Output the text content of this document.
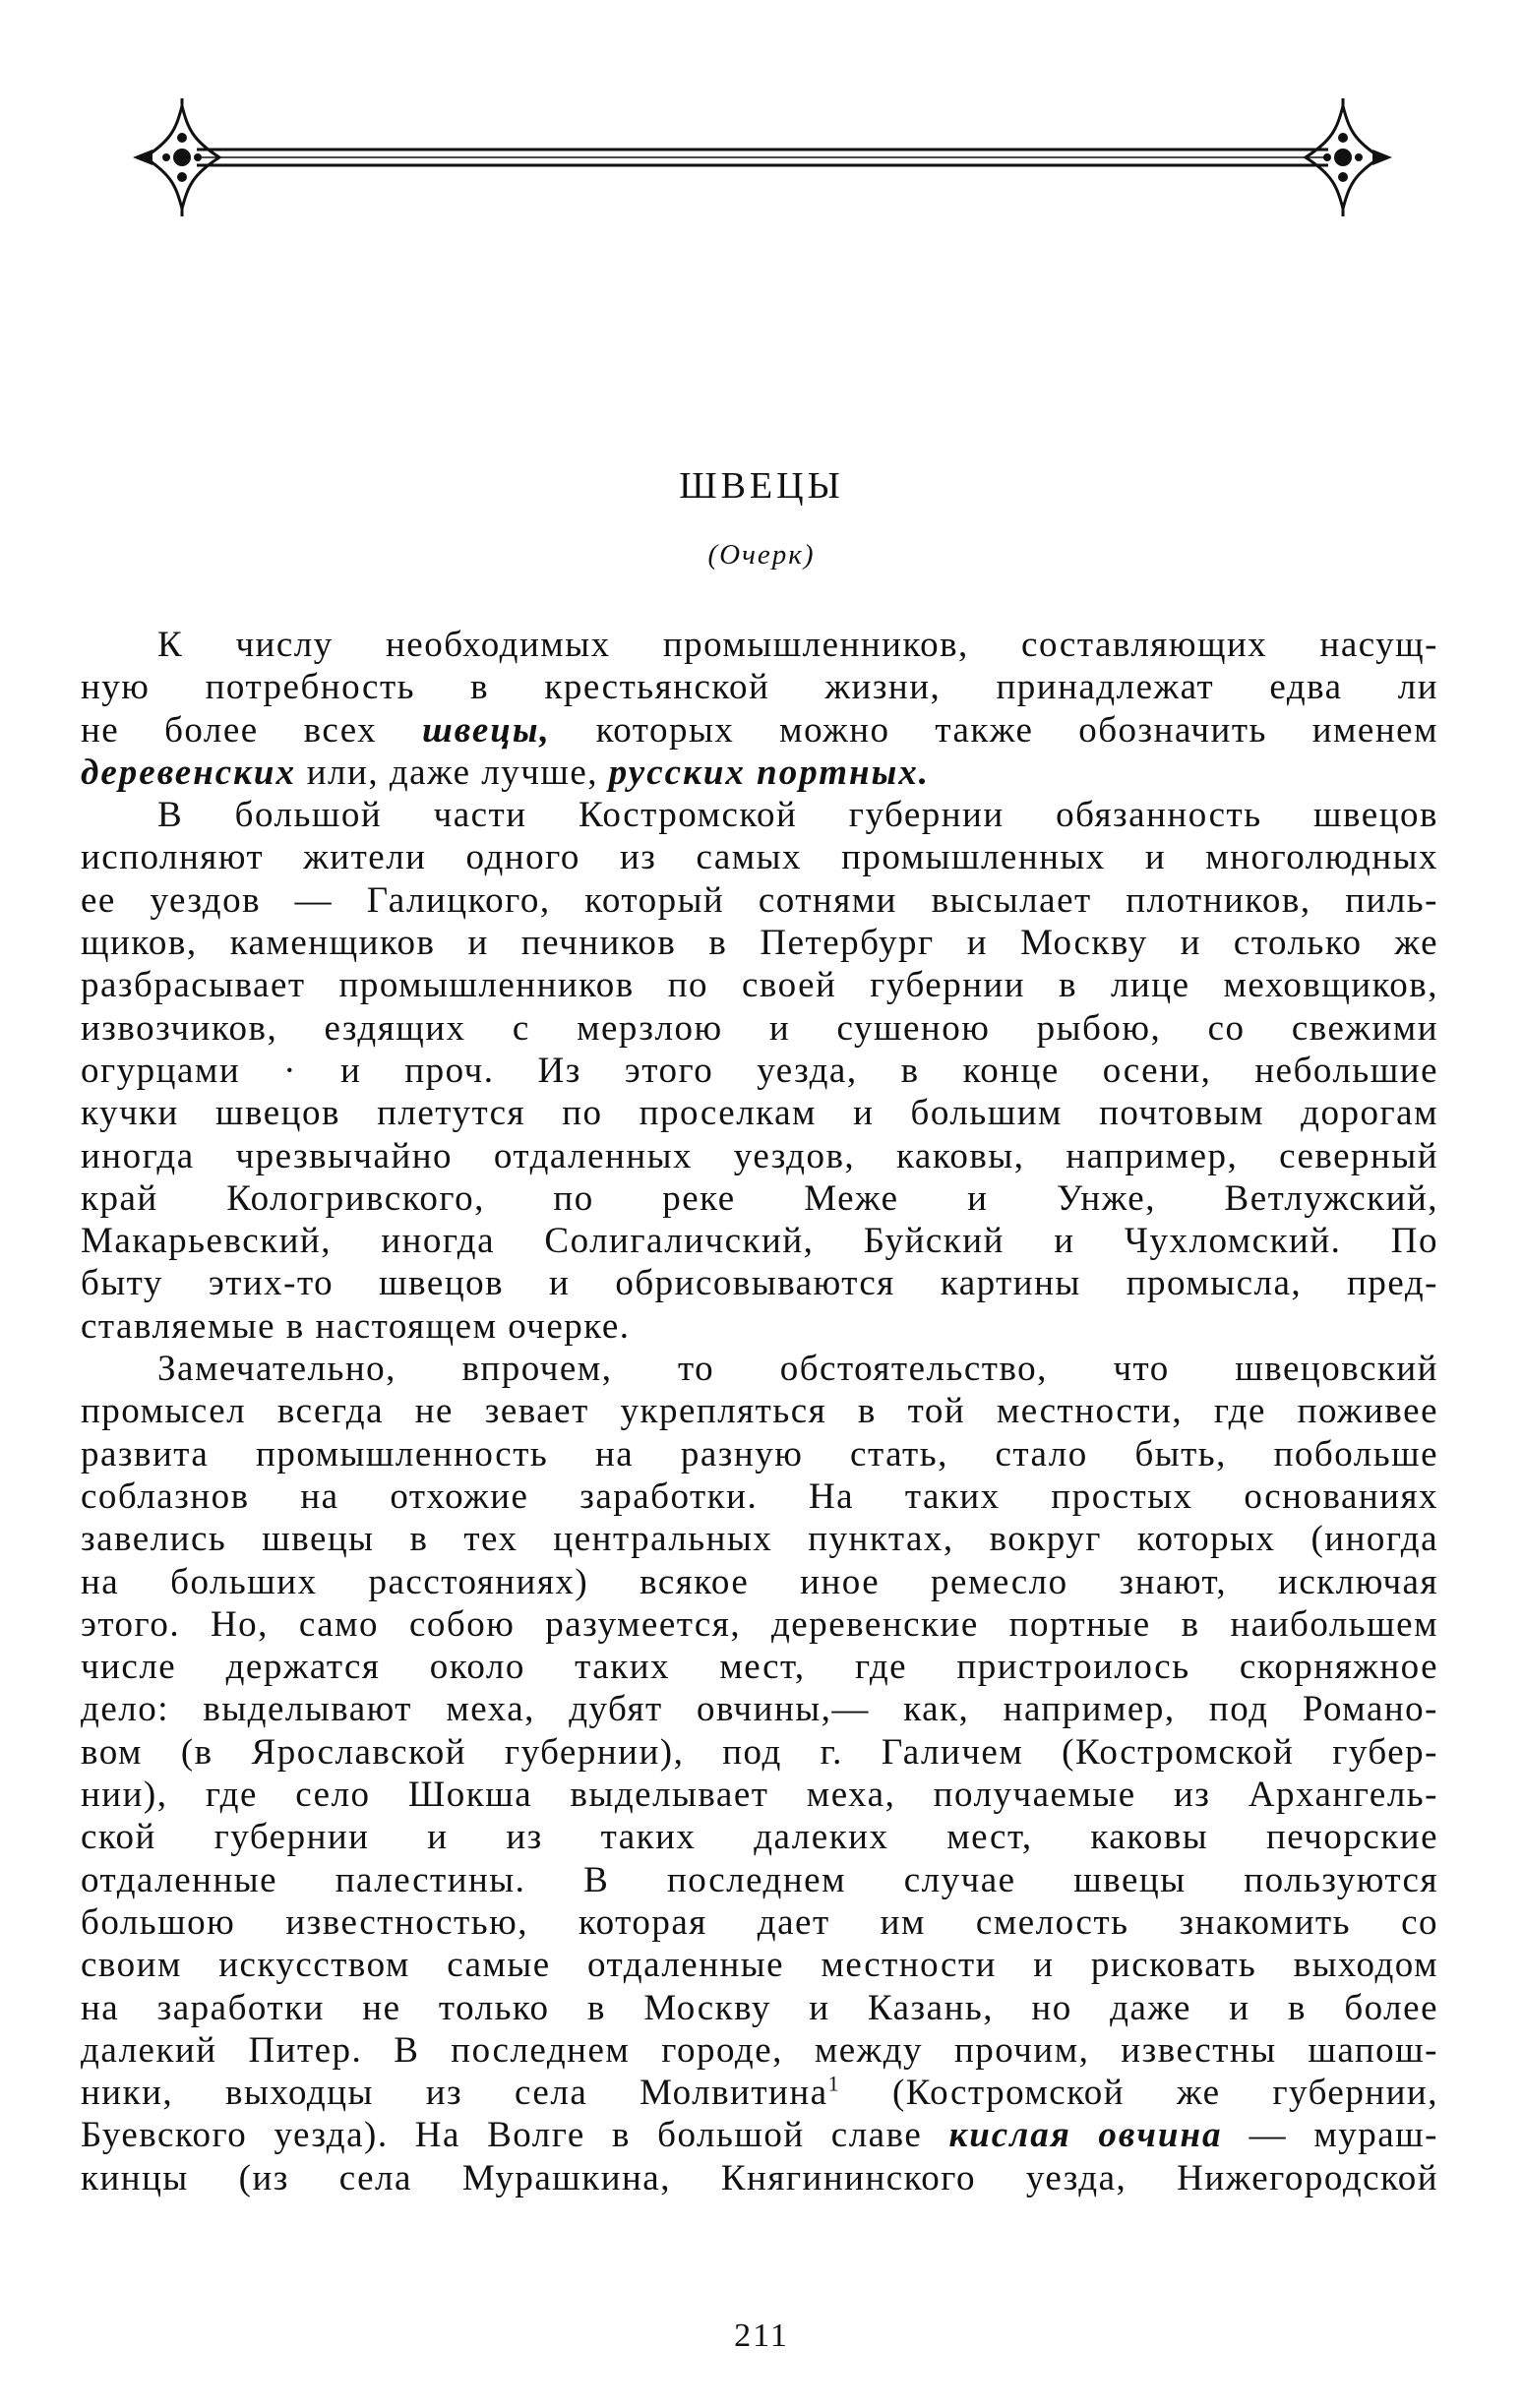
ШВЕЦЫ
(Очерк)
К числу необходимых промышленников, составляющих насущ-
ную потребность в крестьянской жизни, принадлежат едва ли
не более всех швецы, которых можно также обозначить именем
деревенских или, даже лучше, русских портных.
В большой части Костромской губернии обязанность швецов
исполняют жители одного из самых промышленных и многолюдных
ее уездов — Галицкого, который сотнями высылает плотников, пиль-
щиков, каменщиков и печников в Петербург и Москву и столько же
разбрасывает промышленников по своей губернии в лице меховщиков,
извозчиков, ездящих с мерзлою и сушеною рыбою, со свежими
огурцами · и проч. Из этого уезда, в конце осени, небольшие
кучки швецов плетутся по проселкам и большим почтовым дорогам
иногда чрезвычайно отдаленных уездов, каковы, например, северный
край Кологривского, по реке Меже и Унже, Ветлужский,
Макарьевский, иногда Солигаличский, Буйский и Чухломский. По
быту этих-то швецов и обрисовываются картины промысла, пред-
ставляемые в настоящем очерке.
Замечательно, впрочем, то обстоятельство, что швецовский
промысел всегда не зевает укрепляться в той местности, где поживее
развита промышленность на разную стать, стало быть, побольше
соблазнов на отхожие заработки. На таких простых основаниях
завелись швецы в тех центральных пунктах, вокруг которых (иногда
на больших расстояниях) всякое иное ремесло знают, исключая
этого. Но, само собою разумеется, деревенские портные в наибольшем
числе держатся около таких мест, где пристроилось скорняжное
дело: выделывают меха, дубят овчины,— как, например, под Романо-
вом (в Ярославской губернии), под г. Галичем (Костромской губер-
нии), где село Шокша выделывает меха, получаемые из Архангель-
ской губернии и из таких далеких мест, каковы печорские
отдаленные палестины. В последнем случае швецы пользуются
большою известностью, которая дает им смелость знакомить со
своим искусством самые отдаленные местности и рисковать выходом
на заработки не только в Москву и Казань, но даже и в более
далекий Питер. В последнем городе, между прочим, известны шапош-
ники, выходцы из села Молвитина$^1$ (Костромской же губернии,
Буевского уезда). На Волге в большой славе кислая овчина — мураш-
кинцы (из села Мурашкина, Княгининского уезда, Нижегородской
211
